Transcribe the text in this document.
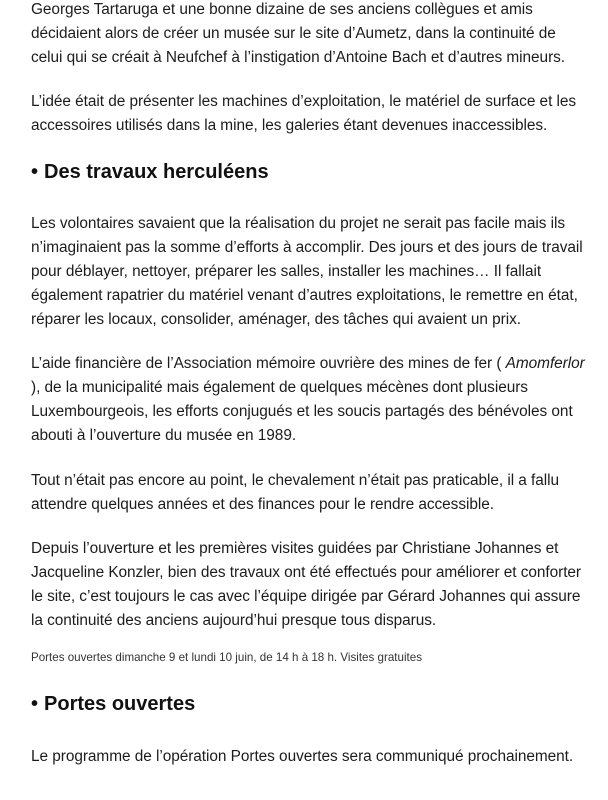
Georges Tartaruga et une bonne dizaine de ses anciens collègues et amis décidaient alors de créer un musée sur le site d’Aumetz, dans la continuité de celui qui se créait à Neufchef à l’instigation d’Antoine Bach et d’autres mineurs.

L’idée était de présenter les machines d’exploitation, le matériel de surface et les accessoires utilisés dans la mine, les galeries étant devenues inaccessibles.

• Des travaux herculéens

Les volontaires savaient que la réalisation du projet ne serait pas facile mais ils n’imaginaient pas la somme d’efforts à accomplir. Des jours et des jours de travail pour déblayer, nettoyer, préparer les salles, installer les machines… Il fallait également rapatrier du matériel venant d’autres exploitations, le remettre en état, réparer les locaux, consolider, aménager, des tâches qui avaient un prix.

L’aide financière de l’Association mémoire ouvrière des mines de fer ( Amomferlor ), de la municipalité mais également de quelques mécènes dont plusieurs Luxembourgeois, les efforts conjugués et les soucis partagés des bénévoles ont abouti à l’ouverture du musée en 1989.

Tout n’était pas encore au point, le chevalement n’était pas praticable, il a fallu attendre quelques années et des finances pour le rendre accessible.

Depuis l’ouverture et les premières visites guidées par Christiane Johannes et Jacqueline Konzler, bien des travaux ont été effectués pour améliorer et conforter le site, c’est toujours le cas avec l’équipe dirigée par Gérard Johannes qui assure la continuité des anciens aujourd’hui presque tous disparus.

Portes ouvertes dimanche 9 et lundi 10 juin, de 14 h à 18 h. Visites gratuites

• Portes ouvertes

Le programme de l’opération Portes ouvertes sera communiqué prochainement.
